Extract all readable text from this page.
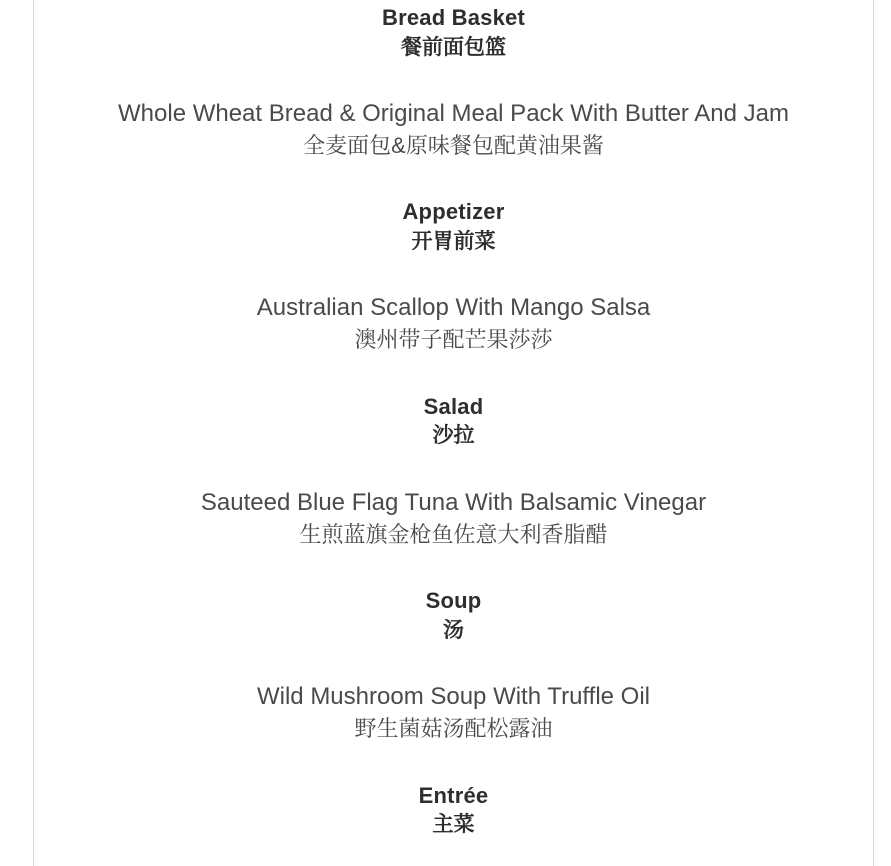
Bread Basket
餐前面包篮
Whole Wheat Bread & Original Meal Pack With Butter And Jam
全麦面包&原味餐包配黄油果酱
Appetizer
开胃前菜
Australian Scallop With Mango Salsa
澳州带子配芒果莎莎
Salad
沙拉
Sauteed Blue Flag Tuna With Balsamic Vinegar
生煎蓝旗金枪鱼佐意大利香脂醋
Soup
汤
Wild Mushroom Soup With Truffle Oil
野生菌菇汤配松露油
Entrée
主菜
